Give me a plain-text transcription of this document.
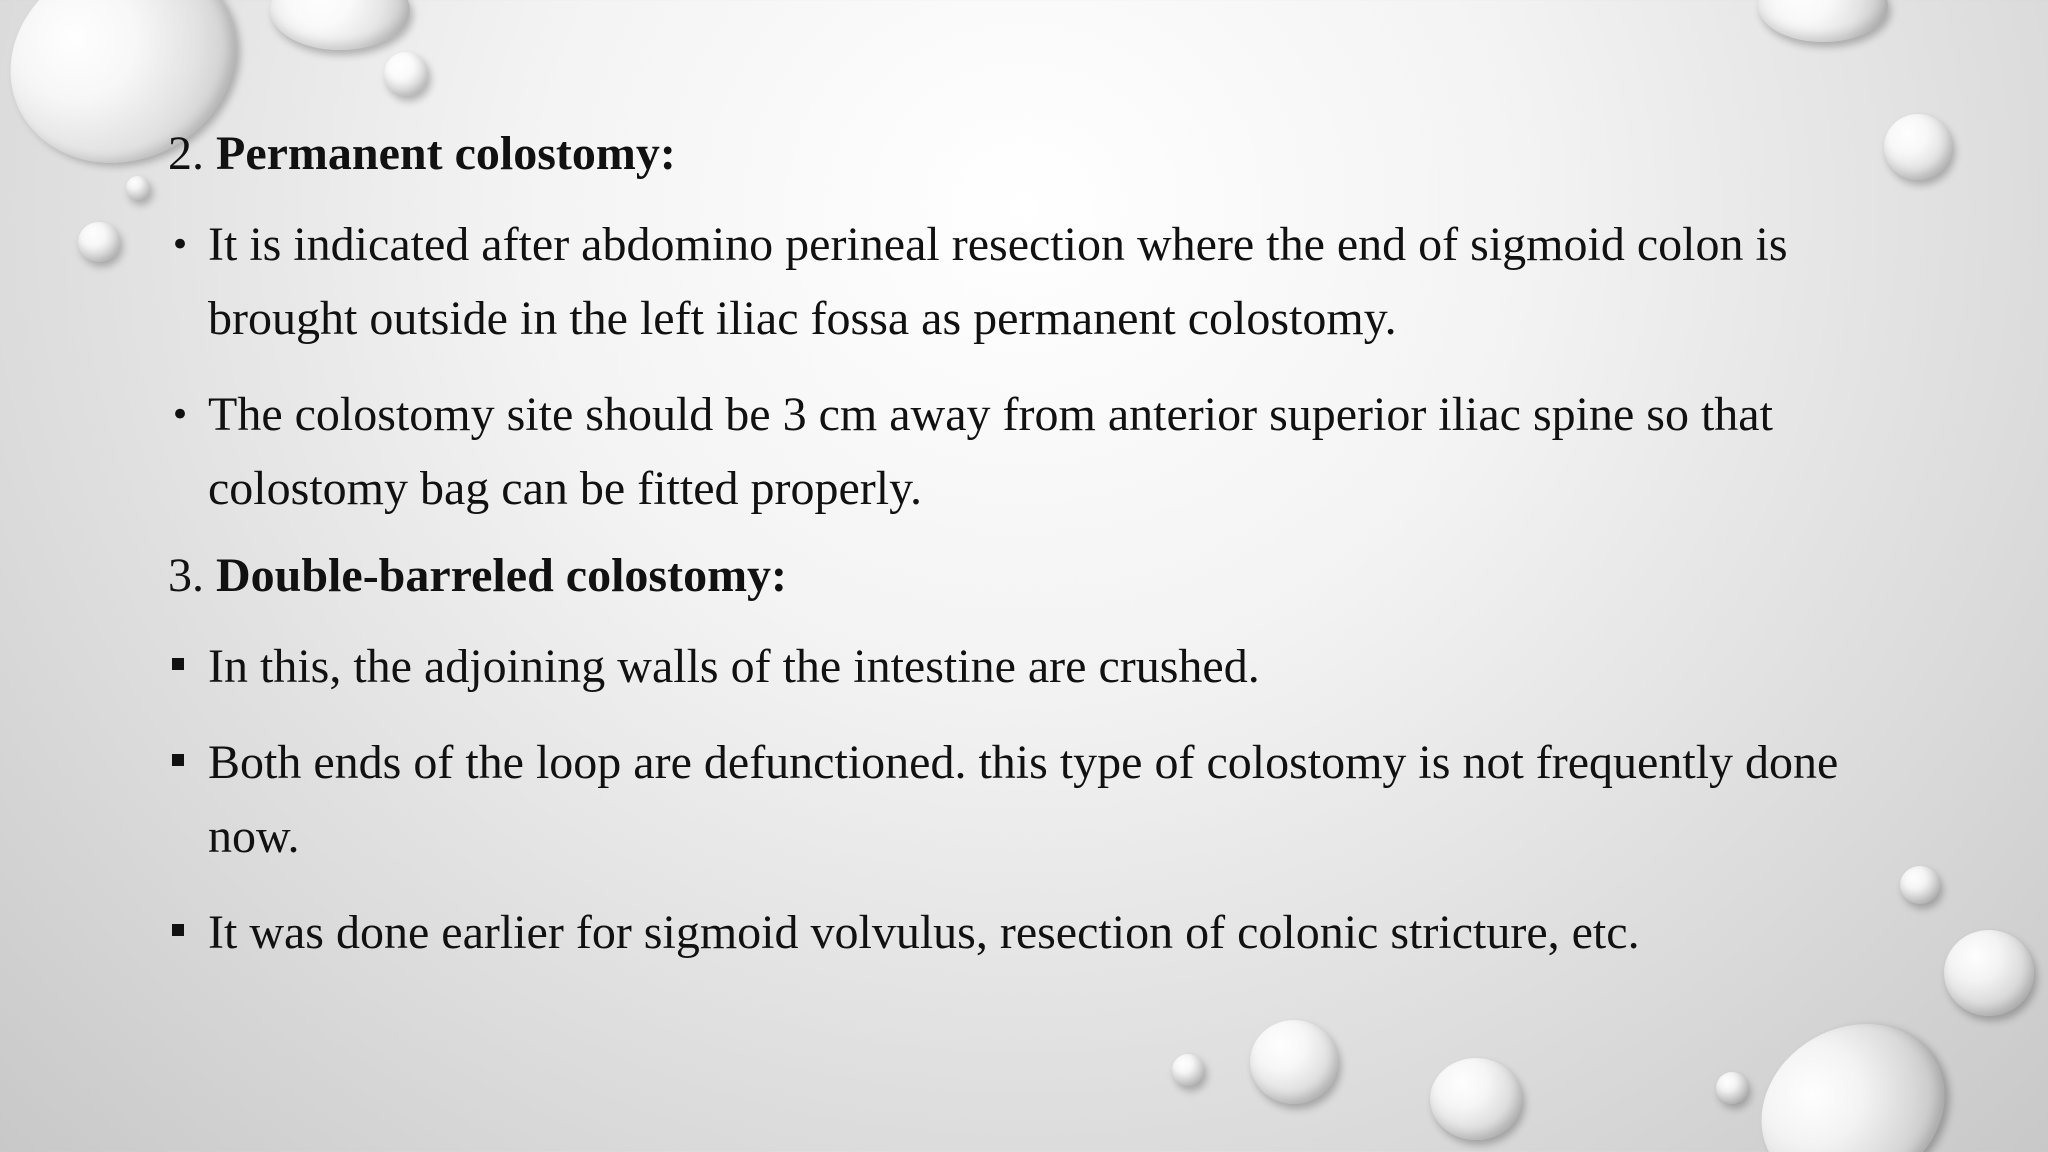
2. Permanent colostomy:
• It is indicated after abdomino perineal resection where the end of sigmoid colon is brought outside in the left iliac fossa as permanent colostomy.
• The colostomy site should be 3 cm away from anterior superior iliac spine so that colostomy bag can be fitted properly.
3. Double-barreled colostomy:
In this, the adjoining walls of the intestine are crushed.
Both ends of the loop are defunctioned. this type of colostomy is not frequently done now.
It was done earlier for sigmoid volvulus, resection of colonic stricture, etc.
